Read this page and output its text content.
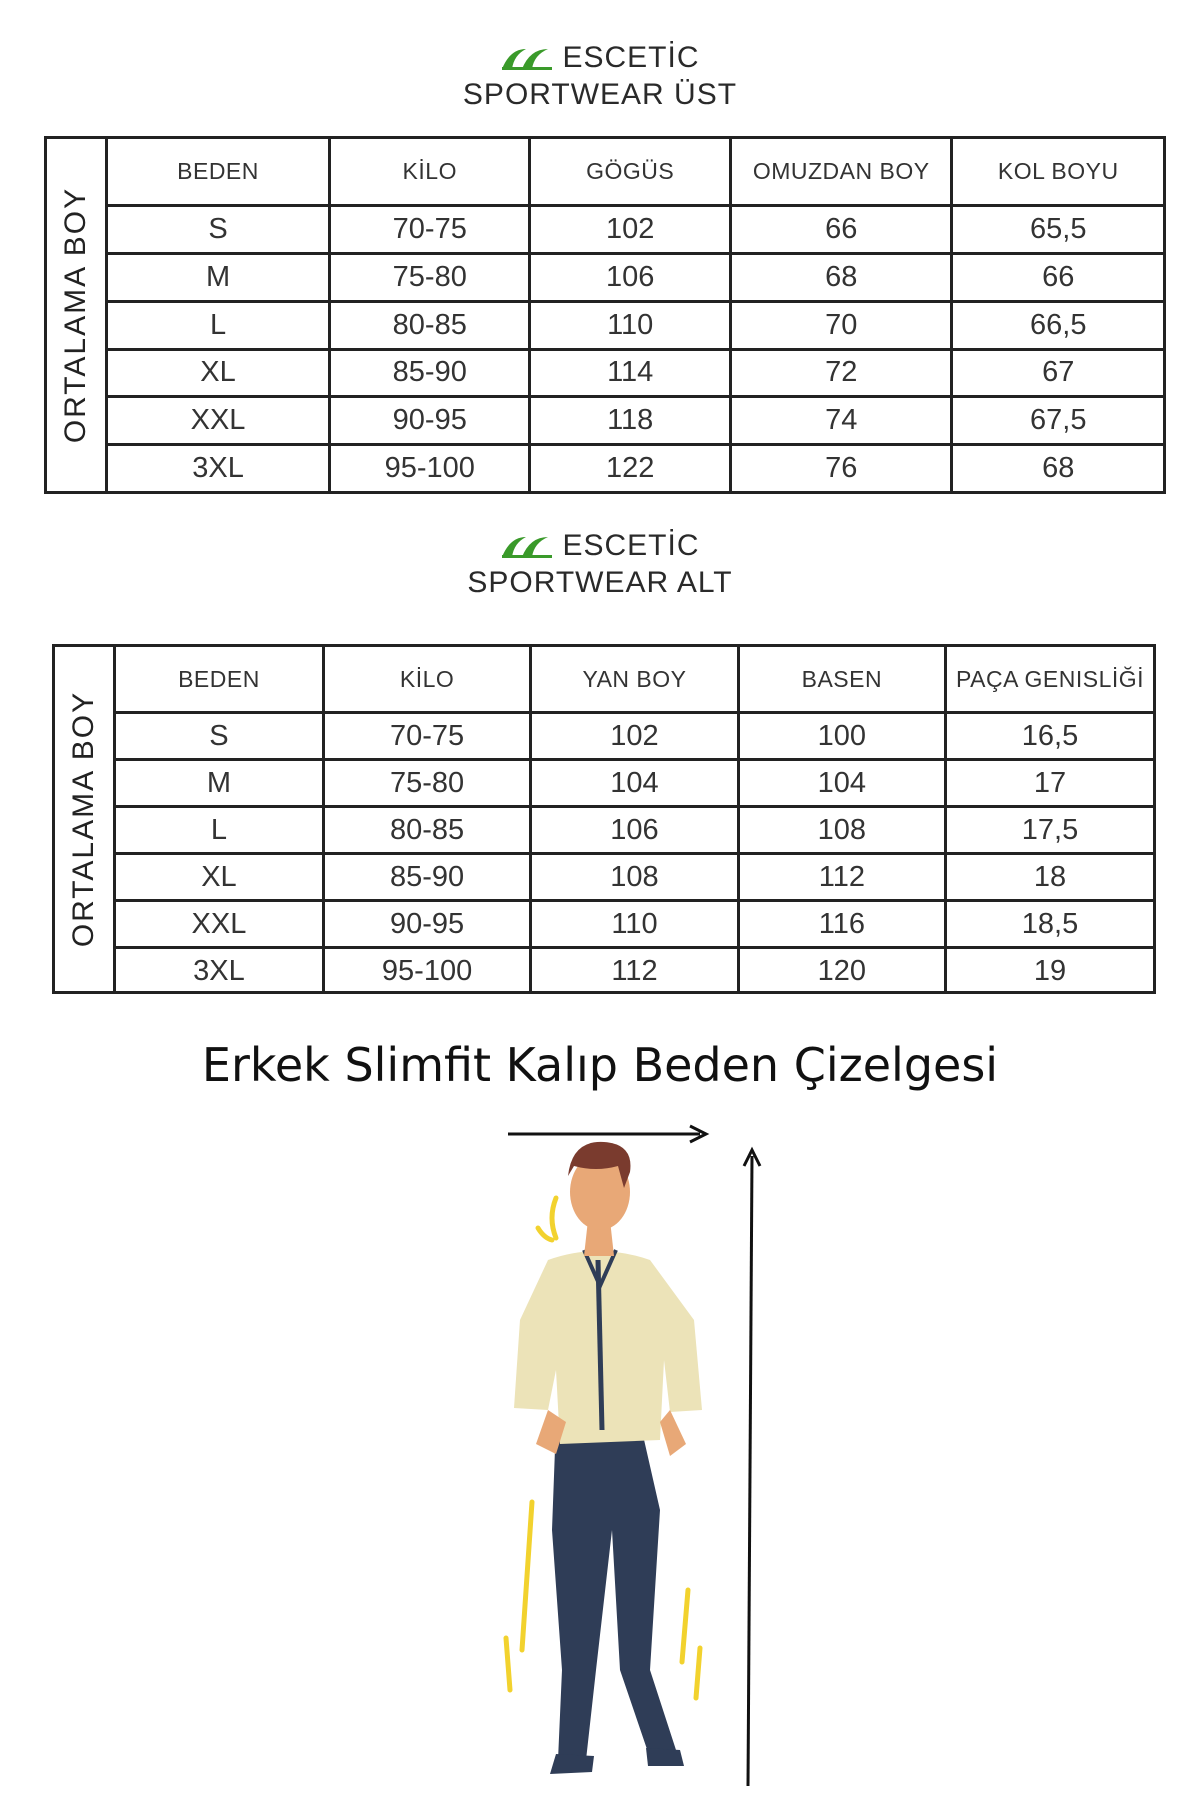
ESCETİC
SPORTWEAR ÜST
ORTALAMA BOY
BEDEN	KİLO	GÖGÜS	OMUZDAN BOY	KOL BOYU
S	70-75	102	66	65,5
M	75-80	106	68	66
L	80-85	110	70	66,5
XL	85-90	114	72	67
XXL	90-95	118	74	67,5
3XL	95-100	122	76	68
ESCETİC
SPORTWEAR ALT
ORTALAMA BOY
BEDEN	KİLO	YAN BOY	BASEN	PAÇA GENISLİĞİ
S	70-75	102	100	16,5
M	75-80	104	104	17
L	80-85	106	108	17,5
XL	85-90	108	112	18
XXL	90-95	110	116	18,5
3XL	95-100	112	120	19
Erkek Slimfit Kalıp Beden Çizelgesi
